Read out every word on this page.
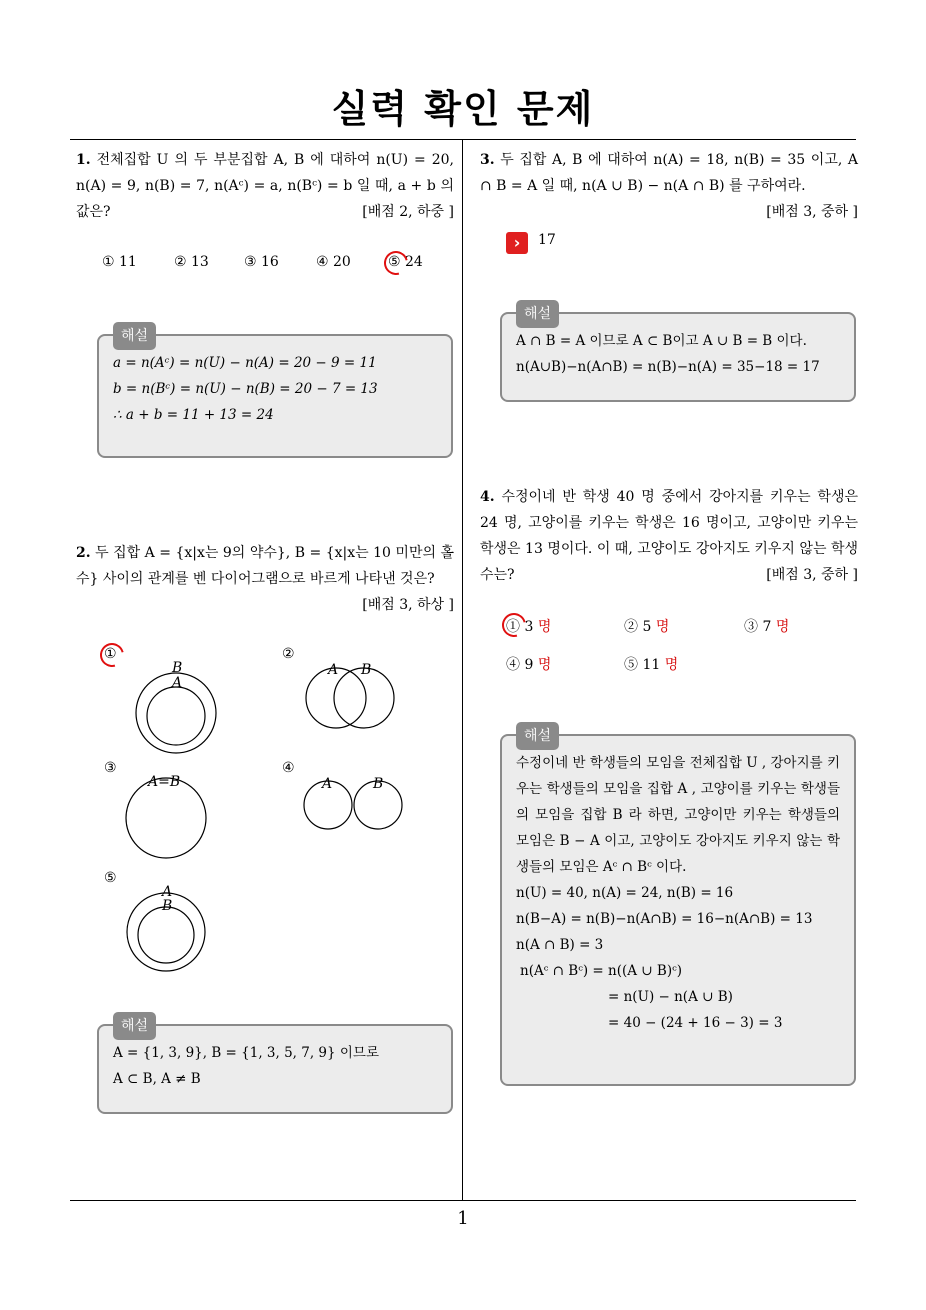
실력 확인 문제
1. 전체집합 U 의 두 부분집합 A, B 에 대하여 n(U) = 20, n(A) = 9, n(B) = 7, n(Aᶜ) = a, n(Bᶜ) = b 일 때, a + b 의 값은?	[배점 2, 하중 ]
① 11	② 13	③ 16	④ 20	⑤ 24
해설
a = n(Aᶜ) = n(U) − n(A) = 20 − 9 = 11
b = n(Bᶜ) = n(U) − n(B) = 20 − 7 = 13
∴ a + b = 11 + 13 = 24
2. 두 집합 A = {x|x는 9의 약수}, B = {x|x는 10 미만의 홀수} 사이의 관계를 벤 다이어그램으로 바르게 나타낸 것은?
[배점 3, 하상 ]
①
B
A
②
A B
③
A=B
④
A	B
⑤
A
B
해설
A = {1, 3, 9}, B = {1, 3, 5, 7, 9} 이므로
A ⊂ B, A ≠ B
3. 두 집합 A, B 에 대하여 n(A) = 18, n(B) = 35 이고, A ∩ B = A 일 때, n(A ∪ B) − n(A ∩ B) 를 구하여라.
[배점 3, 중하 ]
›	17
해설
A ∩ B = A 이므로 A ⊂ B이고 A ∪ B = B 이다.
n(A∪B)−n(A∩B) = n(B)−n(A) = 35−18 = 17
4. 수정이네 반 학생 40 명 중에서 강아지를 키우는 학생은 24 명, 고양이를 키우는 학생은 16 명이고, 고양이만 키우는 학생은 13 명이다. 이 때, 고양이도 강아지도 키우지 않는 학생 수는?	[배점 3, 중하 ]
① 3 명	② 5 명	③ 7 명
④ 9 명	⑤ 11 명
해설
수정이네 반 학생들의 모임을 전체집합 U , 강아지를 키우는 학생들의 모임을 집합 A , 고양이를 키우는 학생들의 모임을 집합 B 라 하면, 고양이만 키우는 학생들의 모임은 B − A 이고, 고양이도 강아지도 키우지 않는 학생들의 모임은 Aᶜ ∩ Bᶜ 이다.
n(U) = 40, n(A) = 24, n(B) = 16
n(B−A) = n(B)−n(A∩B) = 16−n(A∩B) = 13
n(A ∩ B) = 3
n(Aᶜ ∩ Bᶜ) = n((A ∪ B)ᶜ)
= n(U) − n(A ∪ B)
= 40 − (24 + 16 − 3) = 3
1
